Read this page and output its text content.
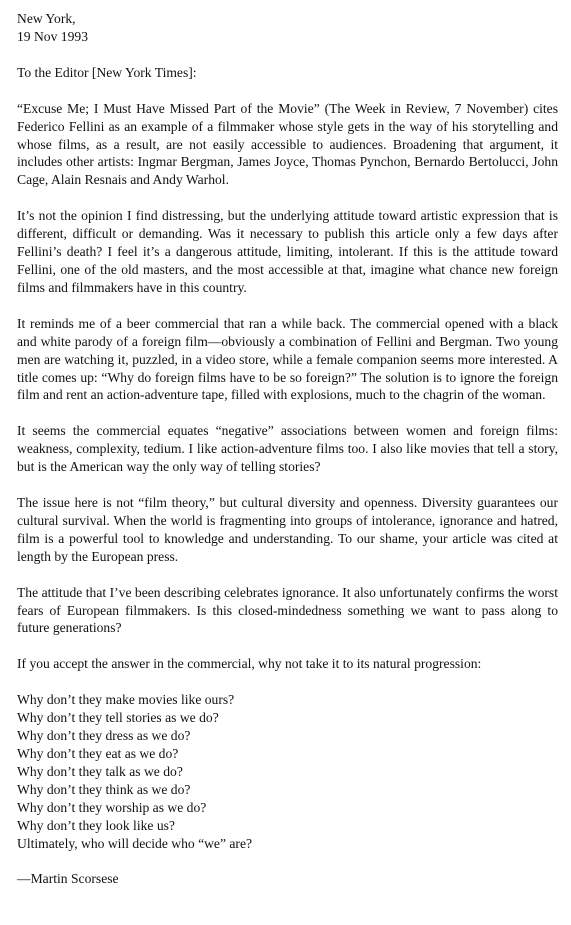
New York,
19 Nov 1993

To the Editor [New York Times]:

“Excuse Me; I Must Have Missed Part of the Movie” (The Week in Review, 7 November) cites Federico Fellini as an example of a filmmaker whose style gets in the way of his storytelling and whose films, as a result, are not easily accessible to audiences. Broadening that argument, it includes other artists: Ingmar Bergman, James Joyce, Thomas Pynchon, Bernardo Bertolucci, John Cage, Alain Resnais and Andy Warhol.

It’s not the opinion I find distressing, but the underlying attitude toward artistic expression that is different, difficult or demanding. Was it necessary to publish this article only a few days after Fellini’s death? I feel it’s a dangerous attitude, limiting, intolerant. If this is the attitude toward Fellini, one of the old masters, and the most accessible at that, imagine what chance new foreign films and filmmakers have in this country.

It reminds me of a beer commercial that ran a while back. The commercial opened with a black and white parody of a foreign film—obviously a combination of Fellini and Bergman. Two young men are watching it, puzzled, in a video store, while a female companion seems more interested. A title comes up: “Why do foreign films have to be so foreign?” The solution is to ignore the foreign film and rent an action-adventure tape, filled with explosions, much to the chagrin of the woman.

It seems the commercial equates “negative” associations between women and foreign films: weakness, complexity, tedium. I like action-adventure films too. I also like movies that tell a story, but is the American way the only way of telling stories?

The issue here is not “film theory,” but cultural diversity and openness. Diversity guarantees our cultural survival. When the world is fragmenting into groups of intolerance, ignorance and hatred, film is a powerful tool to knowledge and understanding. To our shame, your article was cited at length by the European press.

The attitude that I’ve been describing celebrates ignorance. It also unfortunately confirms the worst fears of European filmmakers. Is this closed-mindedness something we want to pass along to future generations?

If you accept the answer in the commercial, why not take it to its natural progression:

Why don’t they make movies like ours?
Why don’t they tell stories as we do?
Why don’t they dress as we do?
Why don’t they eat as we do?
Why don’t they talk as we do?
Why don’t they think as we do?
Why don’t they worship as we do?
Why don’t they look like us?
Ultimately, who will decide who “we” are?

—Martin Scorsese
